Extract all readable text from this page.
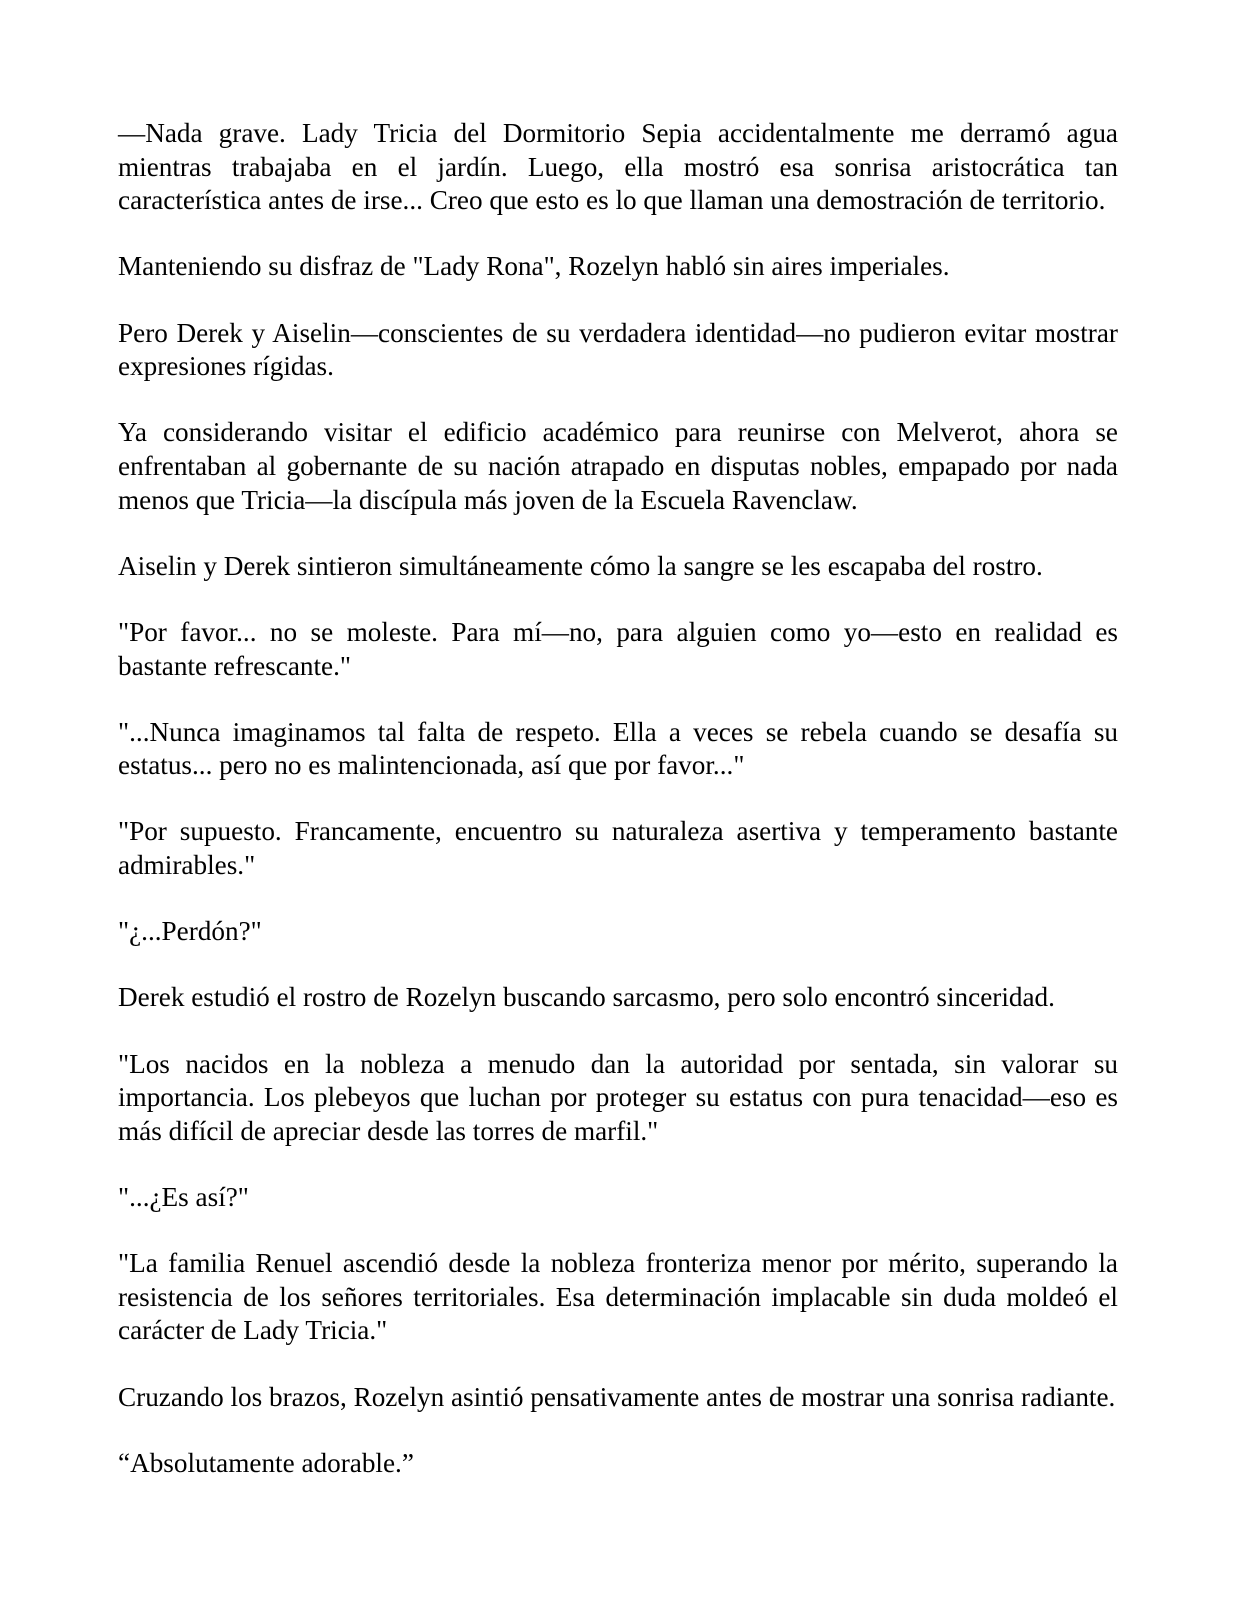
—Nada grave. Lady Tricia del Dormitorio Sepia accidentalmente me derramó agua mientras trabajaba en el jardín. Luego, ella mostró esa sonrisa aristocrática tan característica antes de irse... Creo que esto es lo que llaman una demostración de territorio.

Manteniendo su disfraz de "Lady Rona", Rozelyn habló sin aires imperiales.

Pero Derek y Aiselin—conscientes de su verdadera identidad—no pudieron evitar mostrar expresiones rígidas.

Ya considerando visitar el edificio académico para reunirse con Melverot, ahora se enfrentaban al gobernante de su nación atrapado en disputas nobles, empapado por nada menos que Tricia—la discípula más joven de la Escuela Ravenclaw.

Aiselin y Derek sintieron simultáneamente cómo la sangre se les escapaba del rostro.

"Por favor... no se moleste. Para mí—no, para alguien como yo—esto en realidad es bastante refrescante."

"...Nunca imaginamos tal falta de respeto. Ella a veces se rebela cuando se desafía su estatus... pero no es malintencionada, así que por favor..."

"Por supuesto. Francamente, encuentro su naturaleza asertiva y temperamento bastante admirables."

"¿...Perdón?"

Derek estudió el rostro de Rozelyn buscando sarcasmo, pero solo encontró sinceridad.

"Los nacidos en la nobleza a menudo dan la autoridad por sentada, sin valorar su importancia. Los plebeyos que luchan por proteger su estatus con pura tenacidad—eso es más difícil de apreciar desde las torres de marfil."

"...¿Es así?"

"La familia Renuel ascendió desde la nobleza fronteriza menor por mérito, superando la resistencia de los señores territoriales. Esa determinación implacable sin duda moldeó el carácter de Lady Tricia."

Cruzando los brazos, Rozelyn asintió pensativamente antes de mostrar una sonrisa radiante.

“Absolutamente adorable.”
